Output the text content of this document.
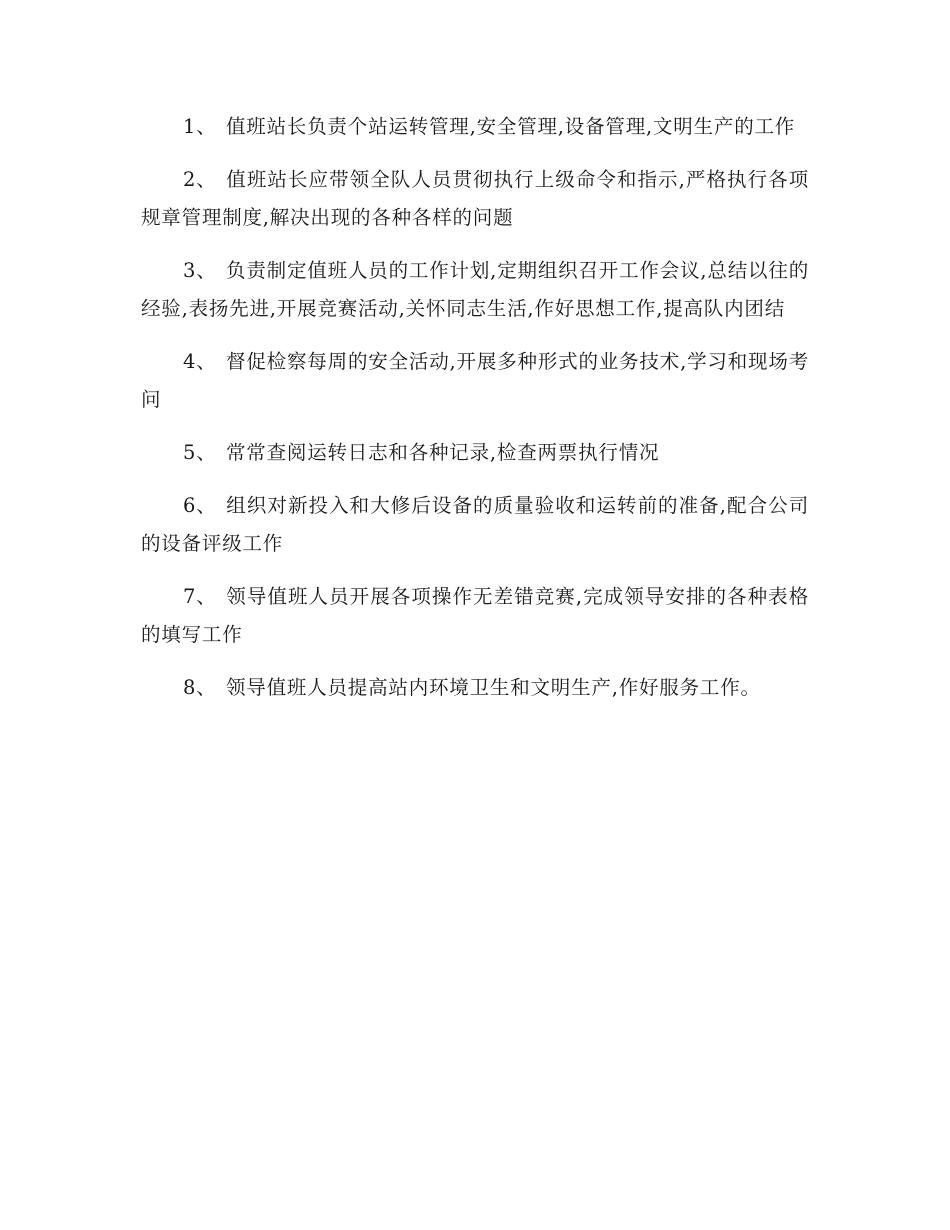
1、 值班站长负责个站运转管理,安全管理,设备管理,文明生产的工作

2、 值班站长应带领全队人员贯彻执行上级命令和指示,严格执行各项规章管理制度,解决出现的各种各样的问题

3、 负责制定值班人员的工作计划,定期组织召开工作会议,总结以往的经验,表扬先进,开展竞赛活动,关怀同志生活,作好思想工作,提高队内团结

4、 督促检察每周的安全活动,开展多种形式的业务技术,学习和现场考问

5、 常常查阅运转日志和各种记录,检查两票执行情况

6、 组织对新投入和大修后设备的质量验收和运转前的准备,配合公司的设备评级工作

7、 领导值班人员开展各项操作无差错竞赛,完成领导安排的各种表格的填写工作

8、 领导值班人员提高站内环境卫生和文明生产,作好服务工作。
